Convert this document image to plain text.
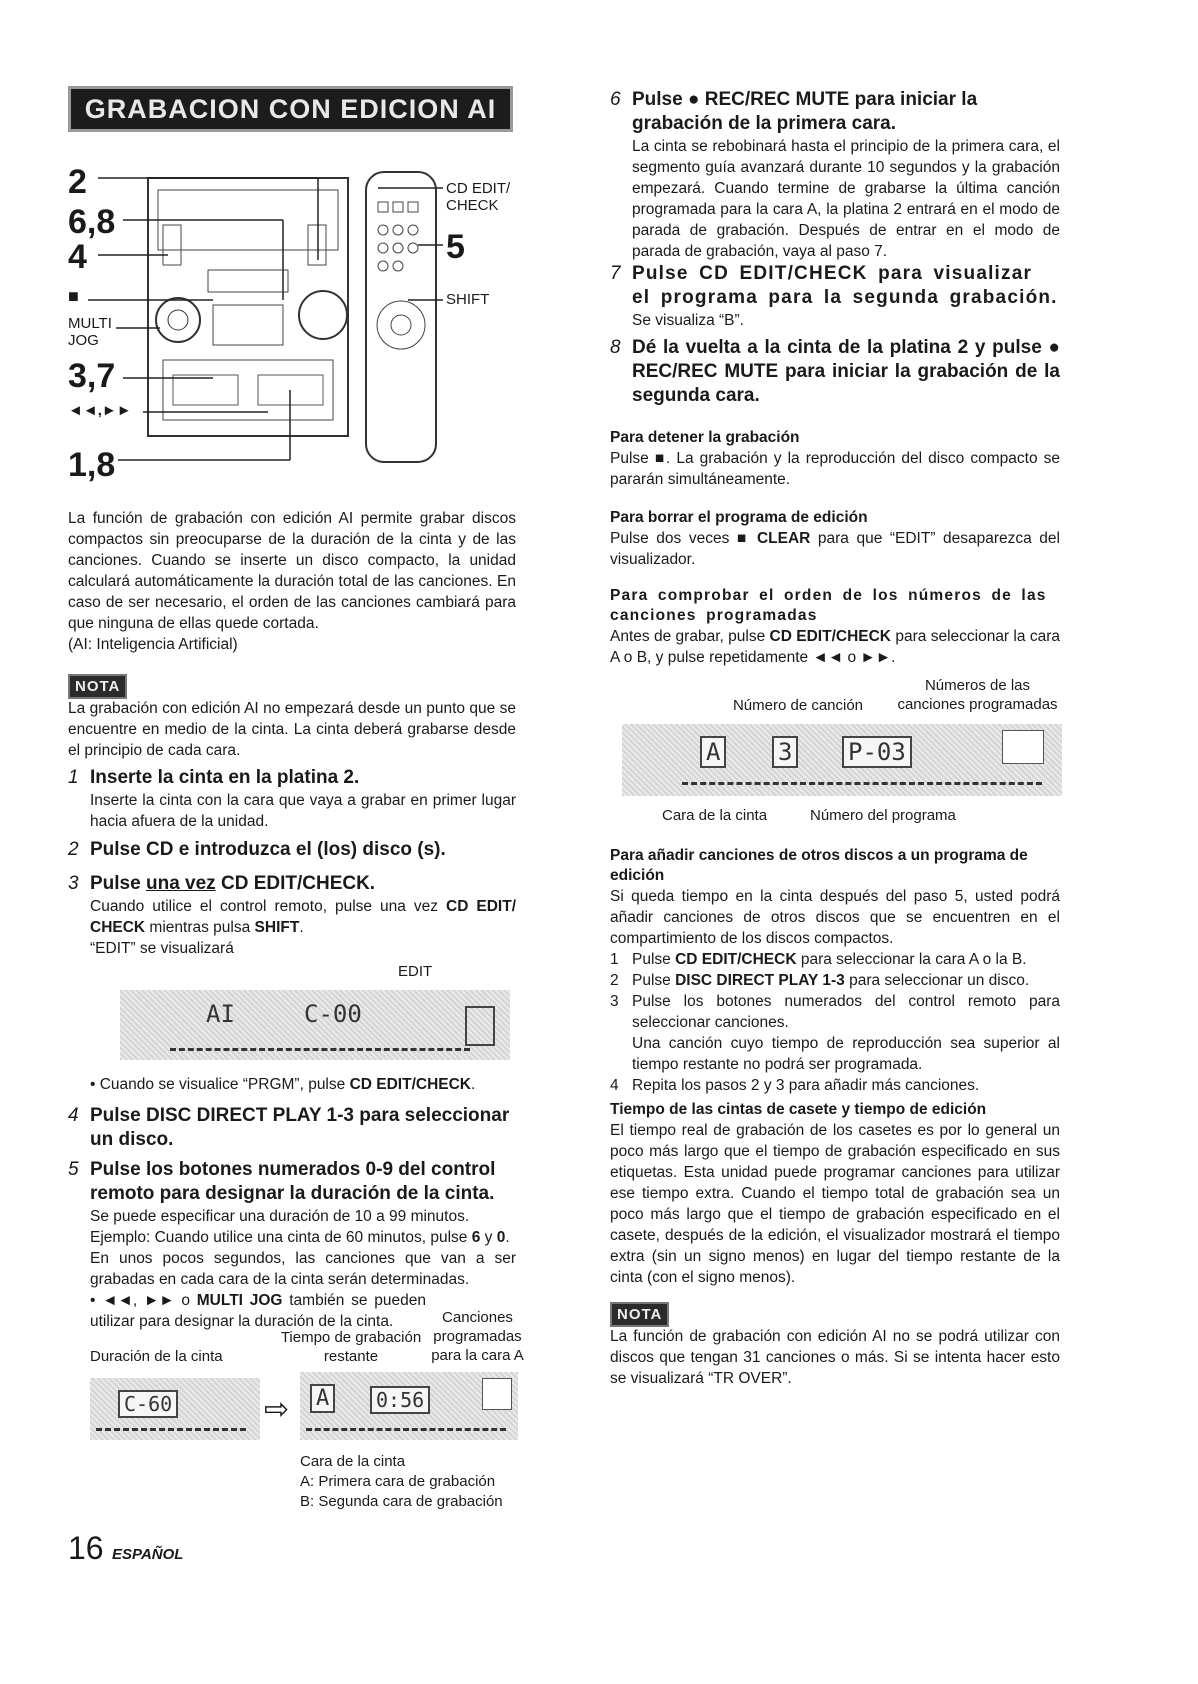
GRABACION CON EDICION AI
2
6,8
4
■
MULTI JOG
3,7
◄◄,►►
1,8
CD EDIT/ CHECK
5
SHIFT

La función de grabación con edición AI permite grabar discos compactos sin preocuparse de la duración de la cinta y de las canciones. Cuando se inserte un disco compacto, la unidad calculará automáticamente la duración total de las canciones. En caso de ser necesario, el orden de las canciones cambiará para que ninguna de ellas quede cortada.

(AI: Inteligencia Artificial)

NOTA

La grabación con edición AI no empezará desde un punto que se encuentre en medio de la cinta. La cinta deberá grabarse desde el principio de cada cara.

1 Inserte la cinta en la platina 2.

Inserte la cinta con la cara que vaya a grabar en primer lugar hacia afuera de la unidad.

2 Pulse CD e introduzca el (los) disco (s).
3 Pulse una vez CD EDIT/CHECK.

Cuando utilice el control remoto, pulse una vez CD EDIT/ CHECK mientras pulsa SHIFT.

“EDIT” se visualizará

EDIT
AI	C-00

• Cuando se visualice “PRGM”, pulse CD EDIT/CHECK.

4 Pulse DISC DIRECT PLAY 1-3 para seleccionar un disco.
5 Pulse los botones numerados 0-9 del control remoto para designar la duración de la cinta.

Se puede especificar una duración de 10 a 99 minutos.

Ejemplo: Cuando utilice una cinta de 60 minutos, pulse 6 y 0.

En unos pocos segundos, las canciones que van a ser grabadas en cada cara de la cinta serán determinadas.

• ◄◄, ►► o MULTI JOG también se pueden utilizar para designar la duración de la cinta.

Duración de la cinta
Tiempo de grabación restante
Canciones programadas para la cara A
C-60	⇨ A	0:56
Cara de la cinta
A: Primera cara de grabación
B: Segunda cara de grabación
16 ESPAÑOL
6 Pulse ● REC/REC MUTE para iniciar la grabación de la primera cara.

La cinta se rebobinará hasta el principio de la primera cara, el segmento guía avanzará durante 10 segundos y la grabación empezará. Cuando termine de grabarse la última canción programada para la cara A, la platina 2 entrará en el modo de parada de grabación. Después de entrar en el modo de parada de grabación, vaya al paso 7.

7 Pulse CD EDIT/CHECK para visualizar el programa para la segunda grabación.

Se visualiza “B”.

8 Dé la vuelta a la cinta de la platina 2 y pulse ● REC/REC MUTE para iniciar la grabación de la segunda cara.
Para detener la grabación

Pulse ■. La grabación y la reproducción del disco compacto se pararán simultáneamente.

Para borrar el programa de edición

Pulse dos veces ■ CLEAR para que “EDIT” desaparezca del visualizador.

Para comprobar el orden de los números de las canciones programadas

Antes de grabar, pulse CD EDIT/CHECK para seleccionar la cara A o B, y pulse repetidamente ◄◄ o ►►.

Números de las canciones programadas
Número de canción
A 3 P-03
Cara de la cinta	Número del programa
Para añadir canciones de otros discos a un programa de edición

Si queda tiempo en la cinta después del paso 5, usted podrá añadir canciones de otros discos que se encuentren en el compartimiento de los discos compactos.

1 Pulse CD EDIT/CHECK para seleccionar la cara A o la B.
2 Pulse DISC DIRECT PLAY 1-3 para seleccionar un disco.
3 Pulse los botones numerados del control remoto para seleccionar canciones.
Una canción cuyo tiempo de reproducción sea superior al tiempo restante no podrá ser programada.
4 Repita los pasos 2 y 3 para añadir más canciones.
Tiempo de las cintas de casete y tiempo de edición

El tiempo real de grabación de los casetes es por lo general un poco más largo que el tiempo de grabación especificado en sus etiquetas. Esta unidad puede programar canciones para utilizar ese tiempo extra. Cuando el tiempo total de grabación sea un poco más largo que el tiempo de grabación especificado en el casete, después de la edición, el visualizador mostrará el tiempo extra (sin un signo menos) en lugar del tiempo restante de la cinta (con el signo menos).

NOTA

La función de grabación con edición AI no se podrá utilizar con discos que tengan 31 canciones o más. Si se intenta hacer esto se visualizará “TR OVER”.
